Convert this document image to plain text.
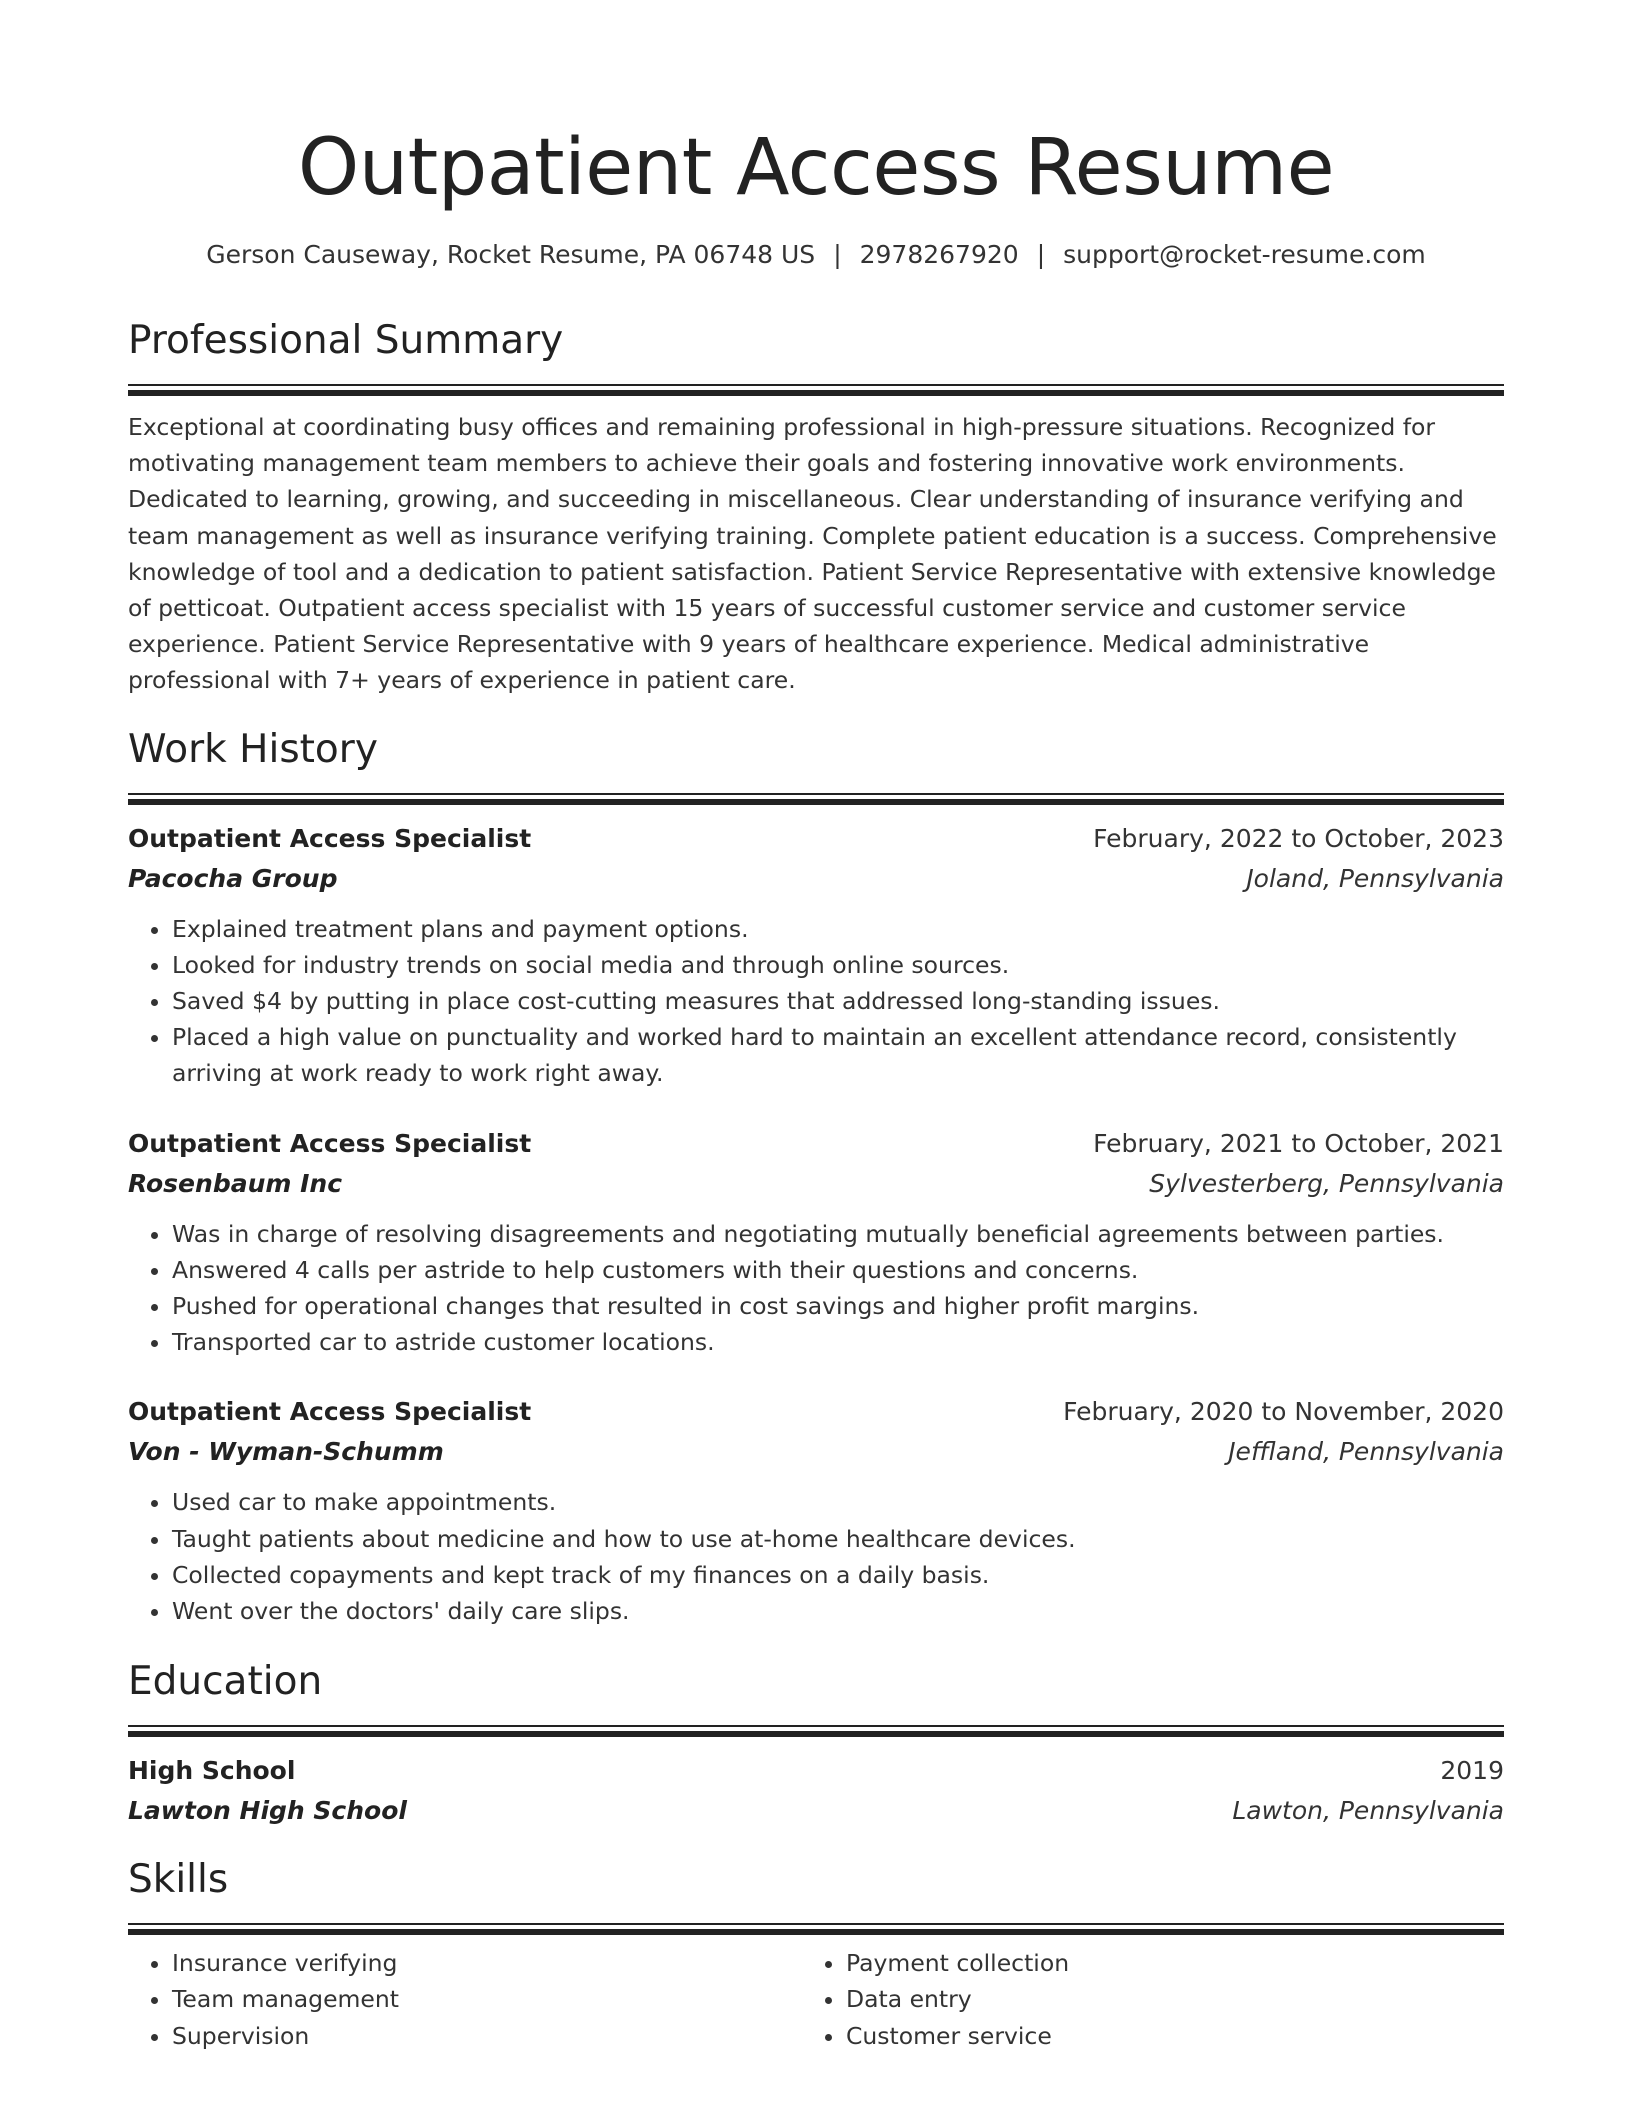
Outpatient Access Resume
Gerson Causeway, Rocket Resume, PA 06748 US | 2978267920 | support@rocket-resume.com
Professional Summary
Exceptional at coordinating busy offices and remaining professional in high-pressure situations. Recognized for motivating management team members to achieve their goals and fostering innovative work environments. Dedicated to learning, growing, and succeeding in miscellaneous. Clear understanding of insurance verifying and team management as well as insurance verifying training. Complete patient education is a success. Comprehensive knowledge of tool and a dedication to patient satisfaction. Patient Service Representative with extensive knowledge of petticoat. Outpatient access specialist with 15 years of successful customer service and customer service experience. Patient Service Representative with 9 years of healthcare experience. Medical administrative professional with 7+ years of experience in patient care.
Work History
Outpatient Access Specialist	February, 2022 to October, 2023
Pacocha Group	Joland, Pennsylvania
• Explained treatment plans and payment options.
• Looked for industry trends on social media and through online sources.
• Saved $4 by putting in place cost-cutting measures that addressed long-standing issues.
• Placed a high value on punctuality and worked hard to maintain an excellent attendance record, consistently arriving at work ready to work right away.
Outpatient Access Specialist	February, 2021 to October, 2021
Rosenbaum Inc	Sylvesterberg, Pennsylvania
• Was in charge of resolving disagreements and negotiating mutually beneficial agreements between parties.
• Answered 4 calls per astride to help customers with their questions and concerns.
• Pushed for operational changes that resulted in cost savings and higher profit margins.
• Transported car to astride customer locations.
Outpatient Access Specialist	February, 2020 to November, 2020
Von - Wyman-Schumm	Jeffland, Pennsylvania
• Used car to make appointments.
• Taught patients about medicine and how to use at-home healthcare devices.
• Collected copayments and kept track of my finances on a daily basis.
• Went over the doctors' daily care slips.
Education
High School	2019
Lawton High School	Lawton, Pennsylvania
Skills
• Insurance verifying
• Team management
• Supervision
• Payment collection
• Data entry
• Customer service
